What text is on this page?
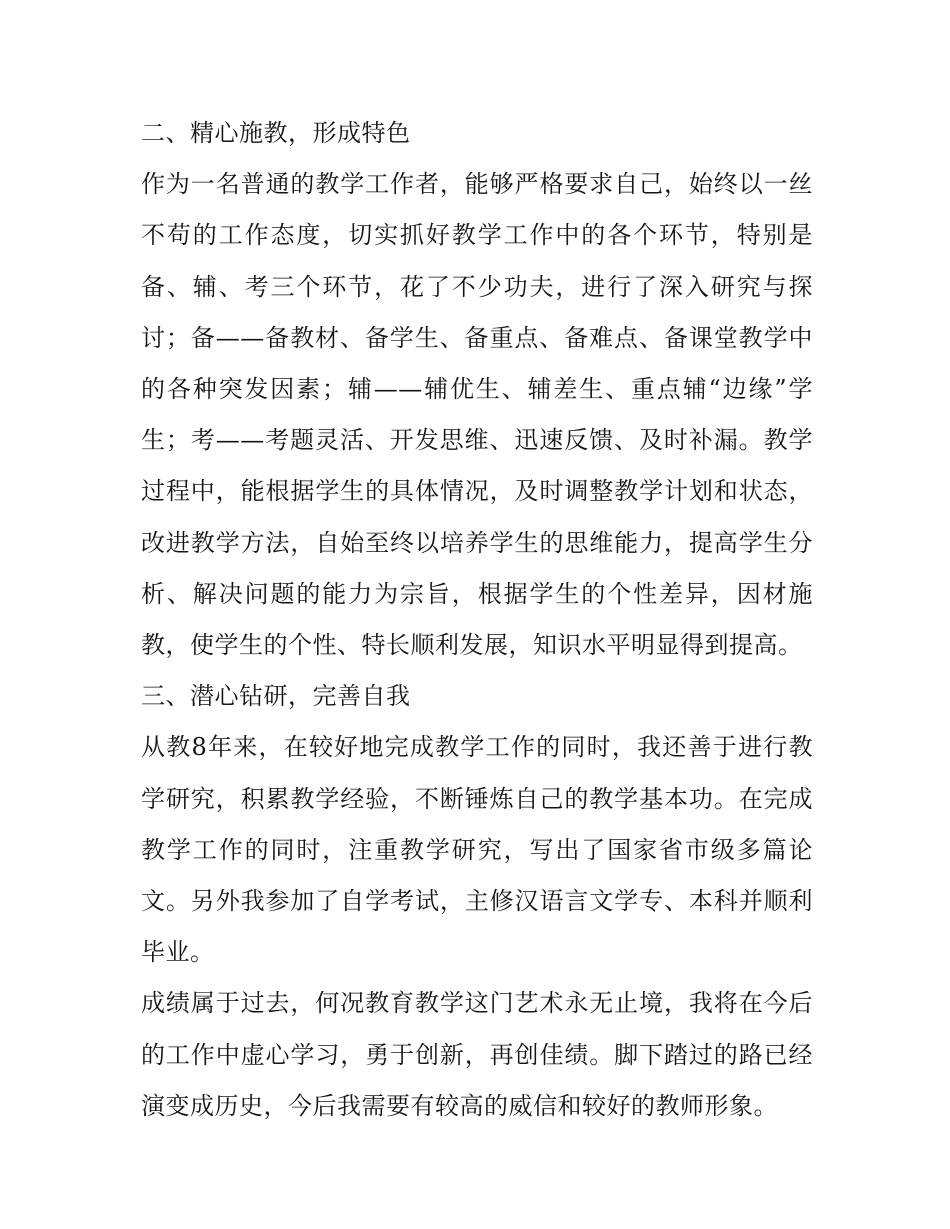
二、精心施教，形成特色

作为一名普通的教学工作者，能够严格要求自己，始终以一丝不苟的工作态度，切实抓好教学工作中的各个环节，特别是备、辅、考三个环节，花了不少功夫，进行了深入研究与探讨；备——备教材、备学生、备重点、备难点、备课堂教学中的各种突发因素；辅——辅优生、辅差生、重点辅“边缘”学生；考——考题灵活、开发思维、迅速反馈、及时补漏。教学过程中，能根据学生的具体情况，及时调整教学计划和状态，改进教学方法，自始至终以培养学生的思维能力，提高学生分析、解决问题的能力为宗旨，根据学生的个性差异，因材施教，使学生的个性、特长顺利发展，知识水平明显得到提高。

三、潜心钻研，完善自我

从教8年来，在较好地完成教学工作的同时，我还善于进行教学研究，积累教学经验，不断锤炼自己的教学基本功。在完成教学工作的同时，注重教学研究，写出了国家省市级多篇论文。另外我参加了自学考试，主修汉语言文学专、本科并顺利毕业。

成绩属于过去，何况教育教学这门艺术永无止境，我将在今后的工作中虚心学习，勇于创新，再创佳绩。脚下踏过的路已经演变成历史，今后我需要有较高的威信和较好的教师形象。
